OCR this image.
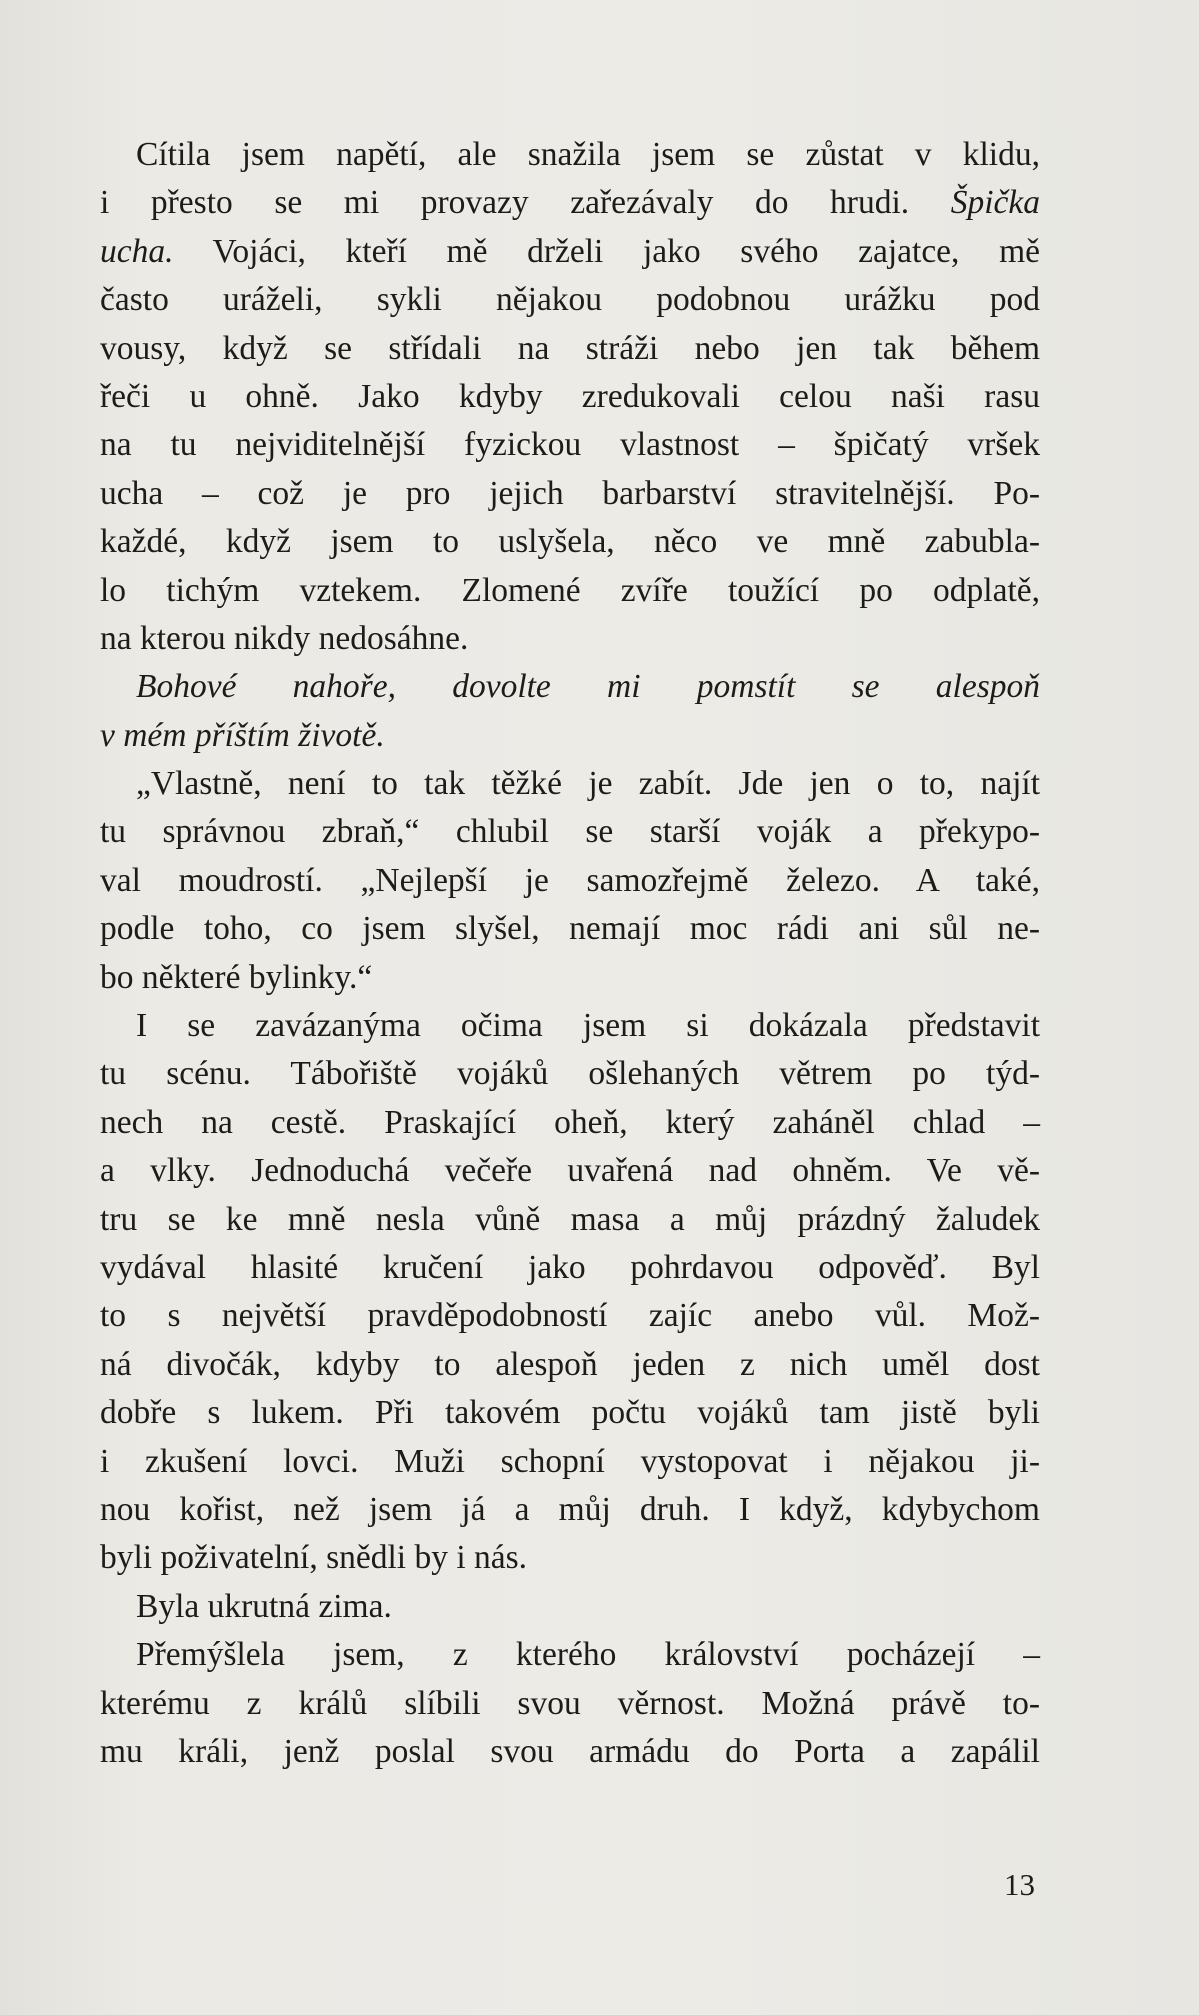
Cítila jsem napětí, ale snažila jsem se zůstat v klidu,
i přesto se mi provazy zařezávaly do hrudi. Špička
ucha. Vojáci, kteří mě drželi jako svého zajatce, mě
často uráželi, sykli nějakou podobnou urážku pod
vousy, když se střídali na stráži nebo jen tak během
řeči u ohně. Jako kdyby zredukovali celou naši rasu
na tu nejviditelnější fyzickou vlastnost – špičatý vršek
ucha – což je pro jejich barbarství stravitelnější. Po-
každé, když jsem to uslyšela, něco ve mně zabubla-
lo tichým vztekem. Zlomené zvíře toužící po odplatě,
na kterou nikdy nedosáhne.
Bohové nahoře, dovolte mi pomstít se alespoň
v mém příštím životě.
„Vlastně, není to tak těžké je zabít. Jde jen o to, najít
tu správnou zbraň,“ chlubil se starší voják a překypo-
val moudrostí. „Nejlepší je samozřejmě železo. A také,
podle toho, co jsem slyšel, nemají moc rádi ani sůl ne-
bo některé bylinky.“
I se zavázanýma očima jsem si dokázala představit
tu scénu. Tábořiště vojáků ošlehaných větrem po týd-
nech na cestě. Praskající oheň, který zaháněl chlad –
a vlky. Jednoduchá večeře uvařená nad ohněm. Ve vě-
tru se ke mně nesla vůně masa a můj prázdný žaludek
vydával hlasité kručení jako pohrdavou odpověď. Byl
to s největší pravděpodobností zajíc anebo vůl. Mož-
ná divočák, kdyby to alespoň jeden z nich uměl dost
dobře s lukem. Při takovém počtu vojáků tam jistě byli
i zkušení lovci. Muži schopní vystopovat i nějakou ji-
nou kořist, než jsem já a můj druh. I když, kdybychom
byli poživatelní, snědli by i nás.
Byla ukrutná zima.
Přemýšlela jsem, z kterého království pocházejí –
kterému z králů slíbili svou věrnost. Možná právě to-
mu králi, jenž poslal svou armádu do Porta a zapálil
13
